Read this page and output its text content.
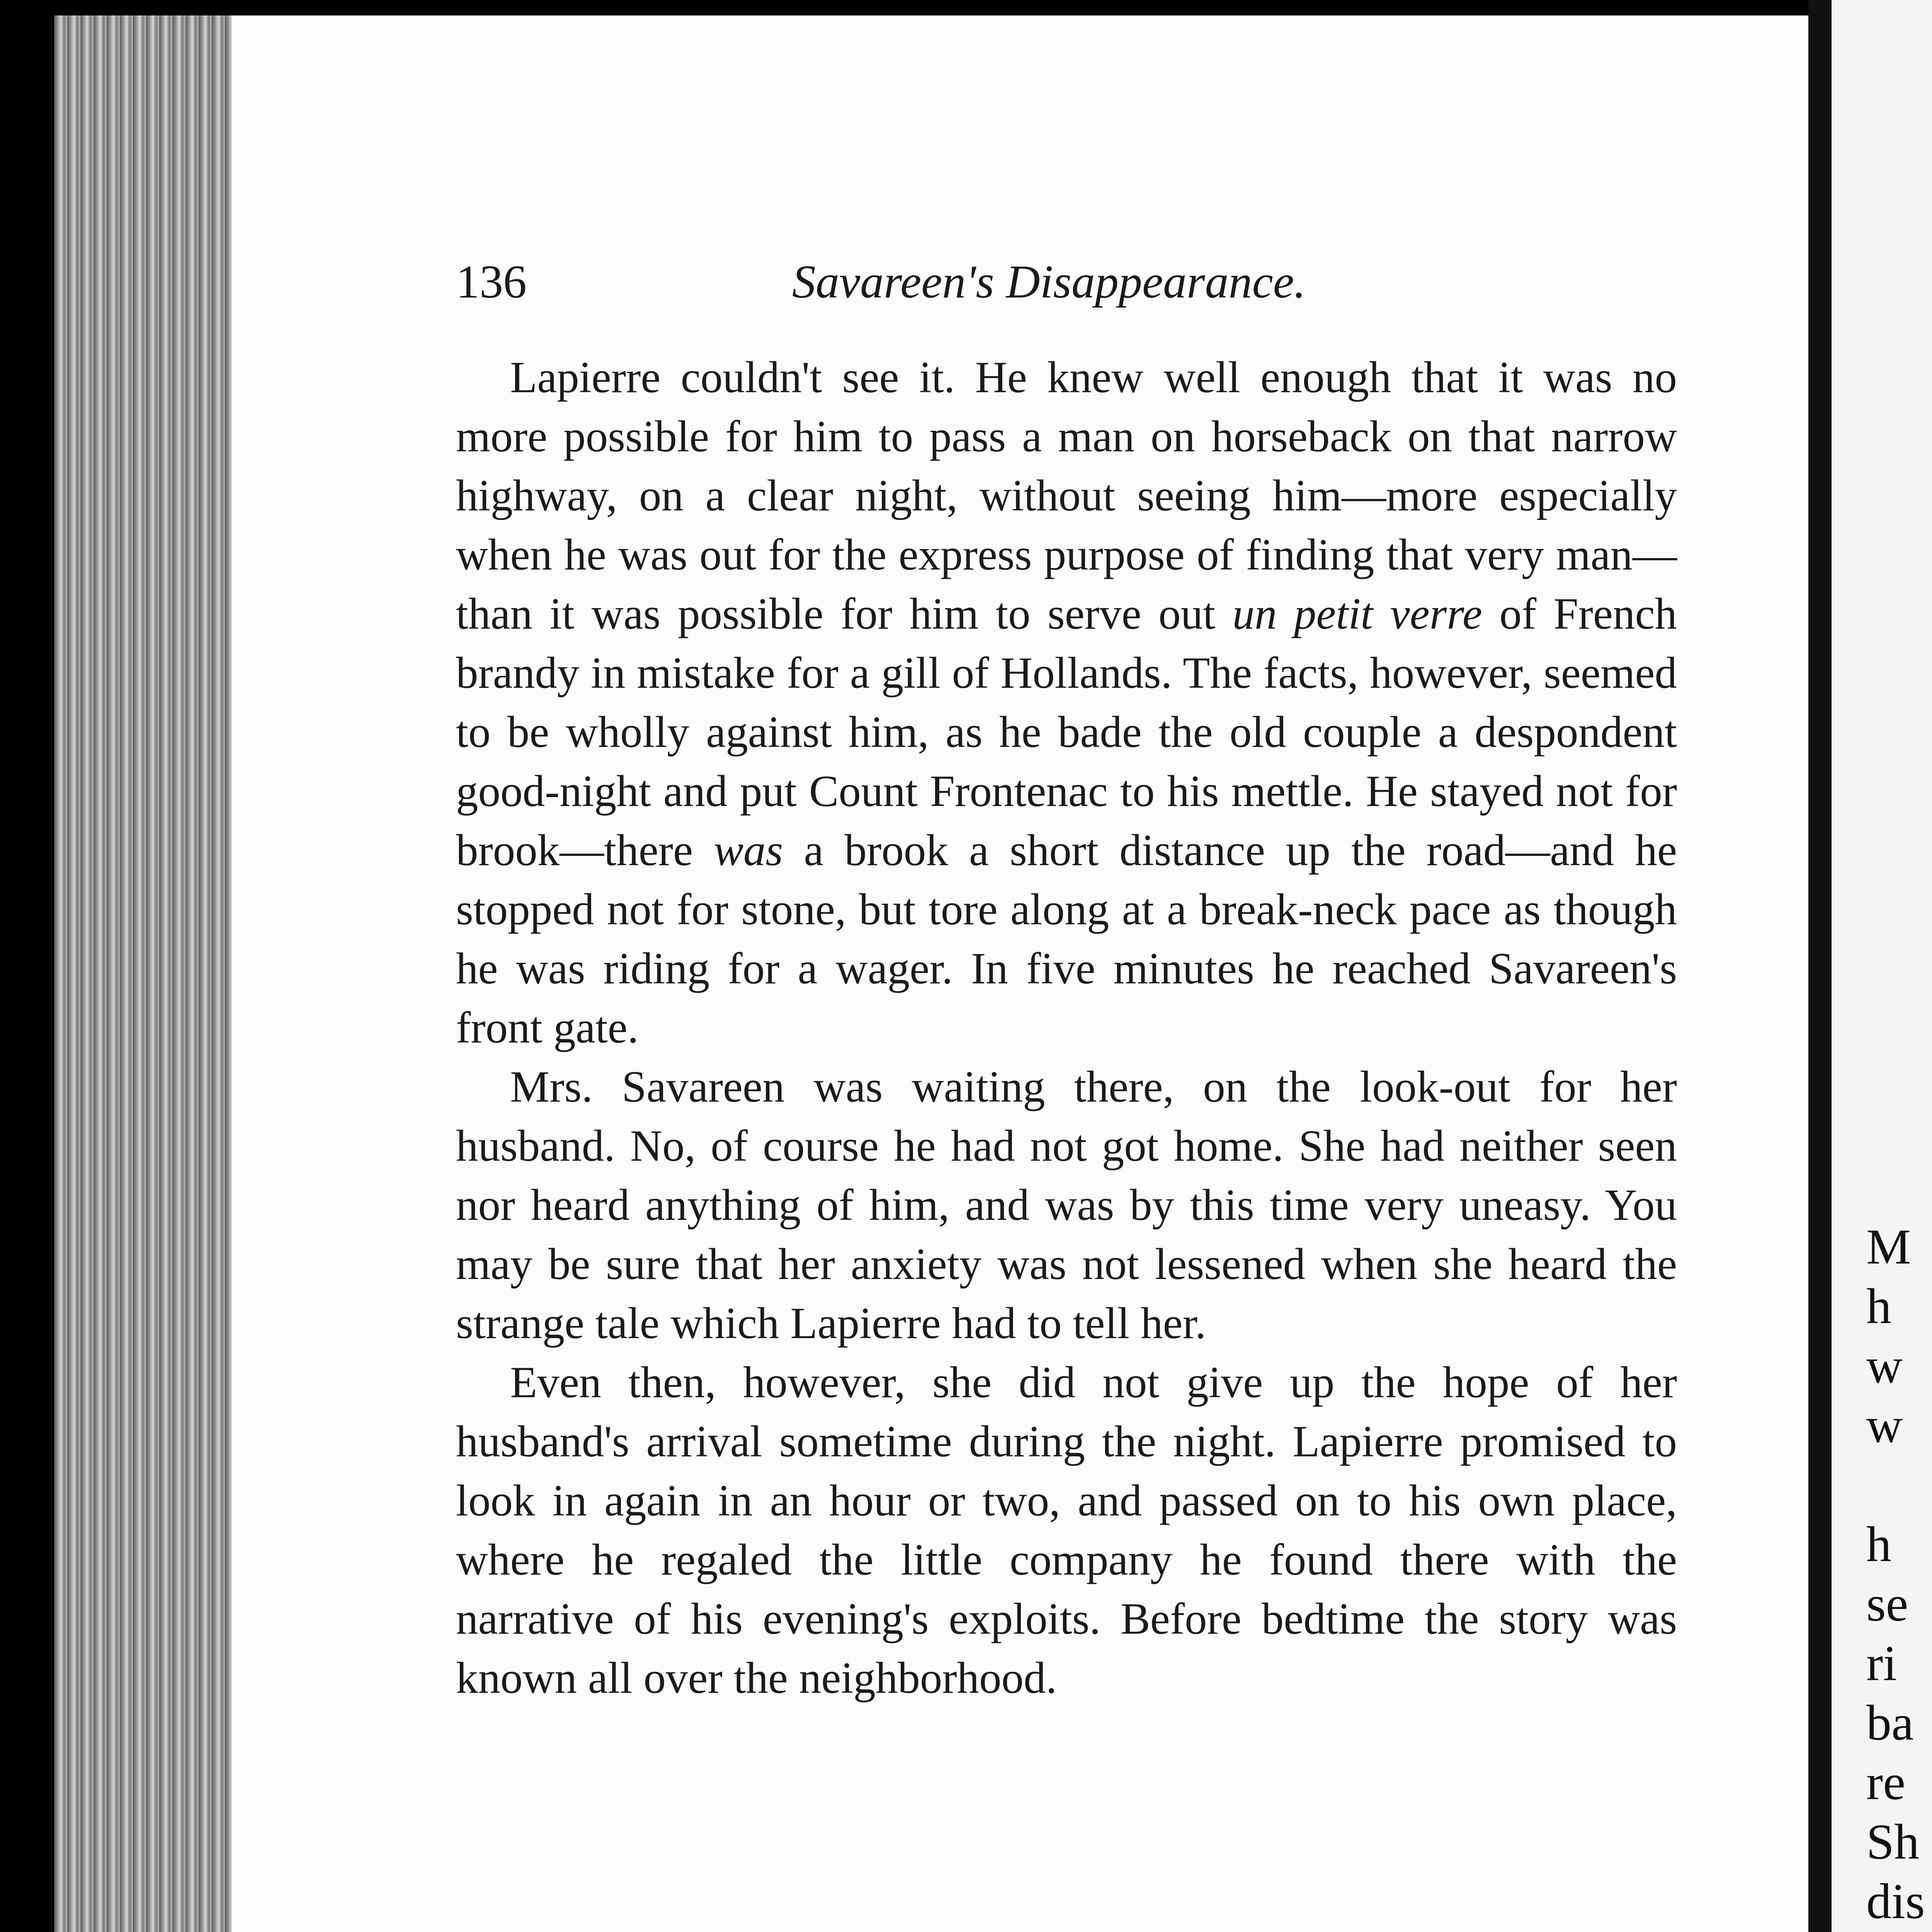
M
h
w
w

h
se
ri
ba
re
Sh
dis

136	Savareen's Disappearance.

Lapierre couldn't see it. He knew well enough that it was no more possible for him to pass a man on horseback on that narrow highway, on a clear night, without seeing him—more especially when he was out for the express purpose of finding that very man—than it was possible for him to serve out un petit verre of French brandy in mistake for a gill of Hollands. The facts, however, seemed to be wholly against him, as he bade the old couple a despondent good-night and put Count Frontenac to his mettle. He stayed not for brook—there was a brook a short distance up the road—and he stopped not for stone, but tore along at a break-neck pace as though he was riding for a wager. In five minutes he reached Savareen's front gate.

Mrs. Savareen was waiting there, on the look-out for her husband. No, of course he had not got home. She had neither seen nor heard anything of him, and was by this time very uneasy. You may be sure that her anxiety was not lessened when she heard the strange tale which Lapierre had to tell her.

Even then, however, she did not give up the hope of her husband's arrival sometime during the night. Lapierre promised to look in again in an hour or two, and passed on to his own place, where he regaled the little company he found there with the narrative of his evening's exploits. Before bedtime the story was known all over the neighborhood.
